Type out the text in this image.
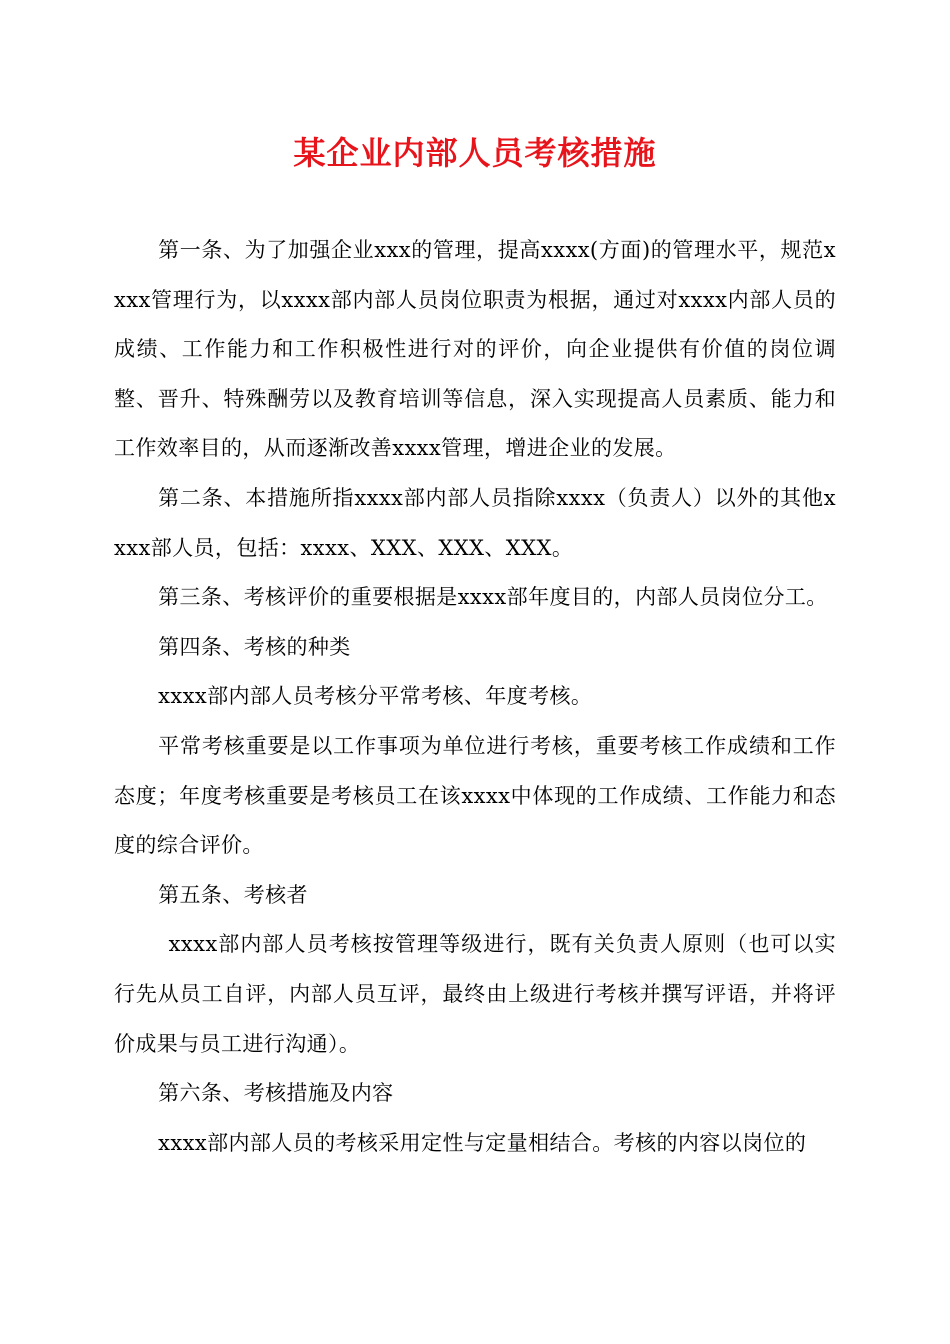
某企业内部人员考核措施

第一条、为了加强企业xxx的管理，提高xxxx(方面)的管理水平，规范xxxx管理行为，以xxxx部内部人员岗位职责为根据，通过对xxxx内部人员的成绩、工作能力和工作积极性进行对的评价，向企业提供有价值的岗位调整、晋升、特殊酬劳以及教育培训等信息，深入实现提高人员素质、能力和工作效率目的，从而逐渐改善xxxx管理，增进企业的发展。

第二条、本措施所指xxxx部内部人员指除xxxx（负责人）以外的其他xxxx部人员，包括：xxxx、XXX、XXX、XXX。

第三条、考核评价的重要根据是xxxx部年度目的，内部人员岗位分工。

第四条、考核的种类

xxxx部内部人员考核分平常考核、年度考核。

平常考核重要是以工作事项为单位进行考核，重要考核工作成绩和工作态度；年度考核重要是考核员工在该xxxx中体现的工作成绩、工作能力和态度的综合评价。

第五条、考核者

xxxx部内部人员考核按管理等级进行，既有关负责人原则（也可以实行先从员工自评，内部人员互评，最终由上级进行考核并撰写评语，并将评价成果与员工进行沟通）。

第六条、考核措施及内容

xxxx部内部人员的考核采用定性与定量相结合。考核的内容以岗位的
